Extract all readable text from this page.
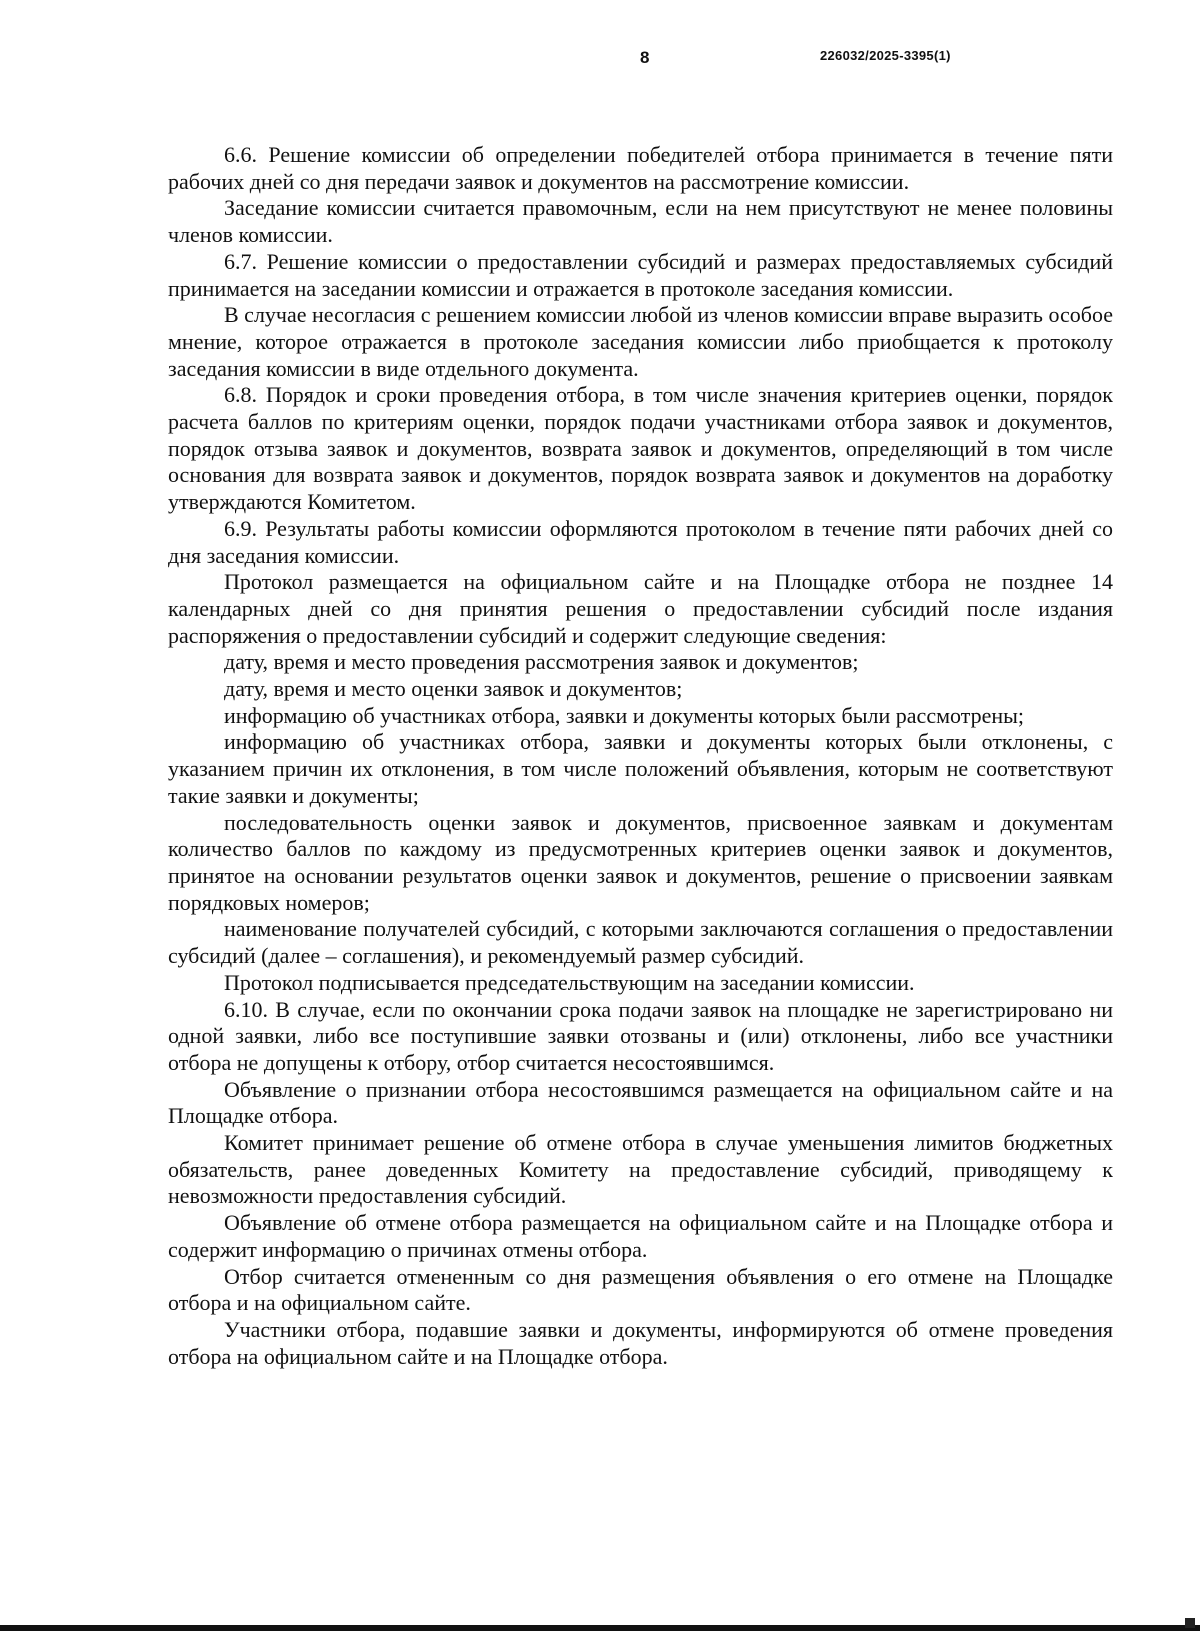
8	226032/2025-3395(1)

6.6. Решение комиссии об определении победителей отбора принимается в течение пяти рабочих дней со дня передачи заявок и документов на рассмотрение комиссии.

Заседание комиссии считается правомочным, если на нем присутствуют не менее половины членов комиссии.

6.7. Решение комиссии о предоставлении субсидий и размерах предоставляемых субсидий принимается на заседании комиссии и отражается в протоколе заседания комиссии.

В случае несогласия с решением комиссии любой из членов комиссии вправе выразить особое мнение, которое отражается в протоколе заседания комиссии либо приобщается к протоколу заседания комиссии в виде отдельного документа.

6.8. Порядок и сроки проведения отбора, в том числе значения критериев оценки, порядок расчета баллов по критериям оценки, порядок подачи участниками отбора заявок и документов, порядок отзыва заявок и документов, возврата заявок и документов, определяющий в том числе основания для возврата заявок и документов, порядок возврата заявок и документов на доработку утверждаются Комитетом.

6.9. Результаты работы комиссии оформляются протоколом в течение пяти рабочих дней со дня заседания комиссии.

Протокол размещается на официальном сайте и на Площадке отбора не позднее 14 календарных дней со дня принятия решения о предоставлении субсидий после издания распоряжения о предоставлении субсидий и содержит следующие сведения:

дату, время и место проведения рассмотрения заявок и документов;

дату, время и место оценки заявок и документов;

информацию об участниках отбора, заявки и документы которых были рассмотрены;

информацию об участниках отбора, заявки и документы которых были отклонены, с указанием причин их отклонения, в том числе положений объявления, которым не соответствуют такие заявки и документы;

последовательность оценки заявок и документов, присвоенное заявкам и документам количество баллов по каждому из предусмотренных критериев оценки заявок и документов, принятое на основании результатов оценки заявок и документов, решение о присвоении заявкам порядковых номеров;

наименование получателей субсидий, с которыми заключаются соглашения о предоставлении субсидий (далее – соглашения), и рекомендуемый размер субсидий.

Протокол подписывается председательствующим на заседании комиссии.

6.10. В случае, если по окончании срока подачи заявок на площадке не зарегистрировано ни одной заявки, либо все поступившие заявки отозваны и (или) отклонены, либо все участники отбора не допущены к отбору, отбор считается несостоявшимся.

Объявление о признании отбора несостоявшимся размещается на официальном сайте и на Площадке отбора.

Комитет принимает решение об отмене отбора в случае уменьшения лимитов бюджетных обязательств, ранее доведенных Комитету на предоставление субсидий, приводящему к невозможности предоставления субсидий.

Объявление об отмене отбора размещается на официальном сайте и на Площадке отбора и содержит информацию о причинах отмены отбора.

Отбор считается отмененным со дня размещения объявления о его отмене на Площадке отбора и на официальном сайте.

Участники отбора, подавшие заявки и документы, информируются об отмене проведения отбора на официальном сайте и на Площадке отбора.
